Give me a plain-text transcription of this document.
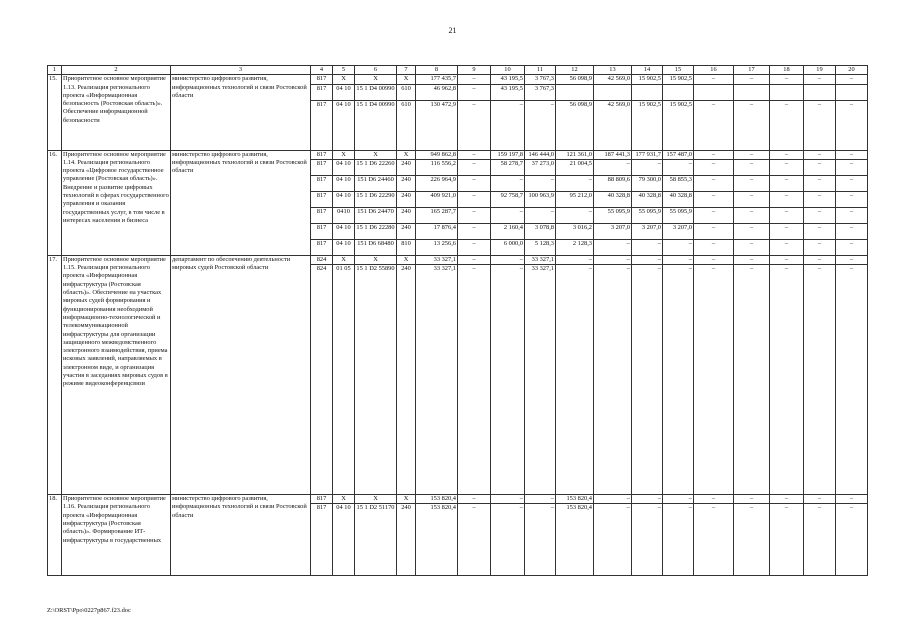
21
1	2	3	4	5	6	7	8	9	10	11	12	13	14	15	16	17	18	19	20
15.	Приоритетное основное мероприятие 1.13. Реализация регионального проекта «Информационная безопасность (Ростовская область)». Обеспечение информационной безопасности	министерство цифрового развития, информационных технологий и связи Ростовской области	817	X	X	X	177 435,7	–	43 195,5	3 767,3	56 098,9	42 569,0	15 902,5	15 902,5	–	–	–	–	–
			817	04 10	15 1 D4 00990	610	46 962,8	–	43 195,5	3 767,3									
			817	04 10	15 1 D4 00990	610	130 472,9	–	–	–	56 098,9	42 569,0	15 902,5	15 902,5	–	–	–	–	–
16.	Приоритетное основное мероприятие 1.14. Реализация регионального проекта «Цифровое государственное управление (Ростовская область)». Внедрение и развитие цифровых технологий в сферах государственного управления и оказания государственных услуг, в том числе в интересах населения и бизнеса	министерство цифрового развития, информационных технологий и связи Ростовской области	817	X	X	X	949 862,8	–	159 197,8	146 444,0	121 361,0	187 441,3	177 931,7	157 487,0	–	–	–	–	–
			817	04 10	15 1 D6 22260	240	116 556,2	–	58 278,7	37 273,0	21 004,5	–	–	–	–	–	–	–	–
			817	04 10	151 D6 24460	240	226 964,9	–	–	–	–	88 809,6	79 300,0	58 855,3	–	–	–	–	–
			817	04 10	15 1 D6 22290	240	409 921,0	–	92 758,7	100 963,9	95 212,0	40 328,8	40 328,8	40 328,8	–	–	–	–	–
			817	0410	151 D6 24470	240	165 287,7	–	–	–	–	55 095,9	55 095,9	55 095,9	–	–	–	–	–
			817	04 10	15 1 D6 22280	240	17 876,4	–	2 160,4	3 078,8	3 016,2	3 207,0	3 207,0	3 207,0	–	–	–	–	–
			817	04 10	151 D6 68480	810	13 256,6	–	6 000,0	5 128,3	2 128,3	–	–	–	–	–	–	–	–
17.	Приоритетное основное мероприятие 1.15. Реализация регионального проекта «Информационная инфраструктура (Ростовская область)». Обеспечение на участках мировых судей формирования и функционирования необходимой информационно-технологической и телекоммуникационной инфраструктуры для организации защищенного межведомственного электронного взаимодействия, приема исковых заявлений, направляемых в электронном виде, и организация участия в заседаниях мировых судов в режиме видеоконференцсвязи	департамент по обеспечению деятельности мировых судей Ростовской области	824	X	X	X	33 327,1	–	–	33 327,1	–	–	–	–	–	–	–	–	–
			824	01 05	15 1 D2 55890	240	33 327,1	–	–	33 327,1	–	–	–	–	–	–	–	–	–
18.	Приоритетное основное мероприятие 1.16. Реализация регионального проекта «Информационная инфраструктура (Ростовская область)». Формирование ИТ-инфраструктуры в государственных	министерство цифрового развития, информационных технологий и связи Ростовской области	817	X	X	X	153 820,4	–	–	–	153 820,4	–	–	–	–	–	–	–	–
			817	04 10	15 1 D2 51170	240	153 820,4	–	–	–	153 820,4	–	–	–	–	–	–	–	–
Z:\ORST\Ppo\0227p867.f23.doc
